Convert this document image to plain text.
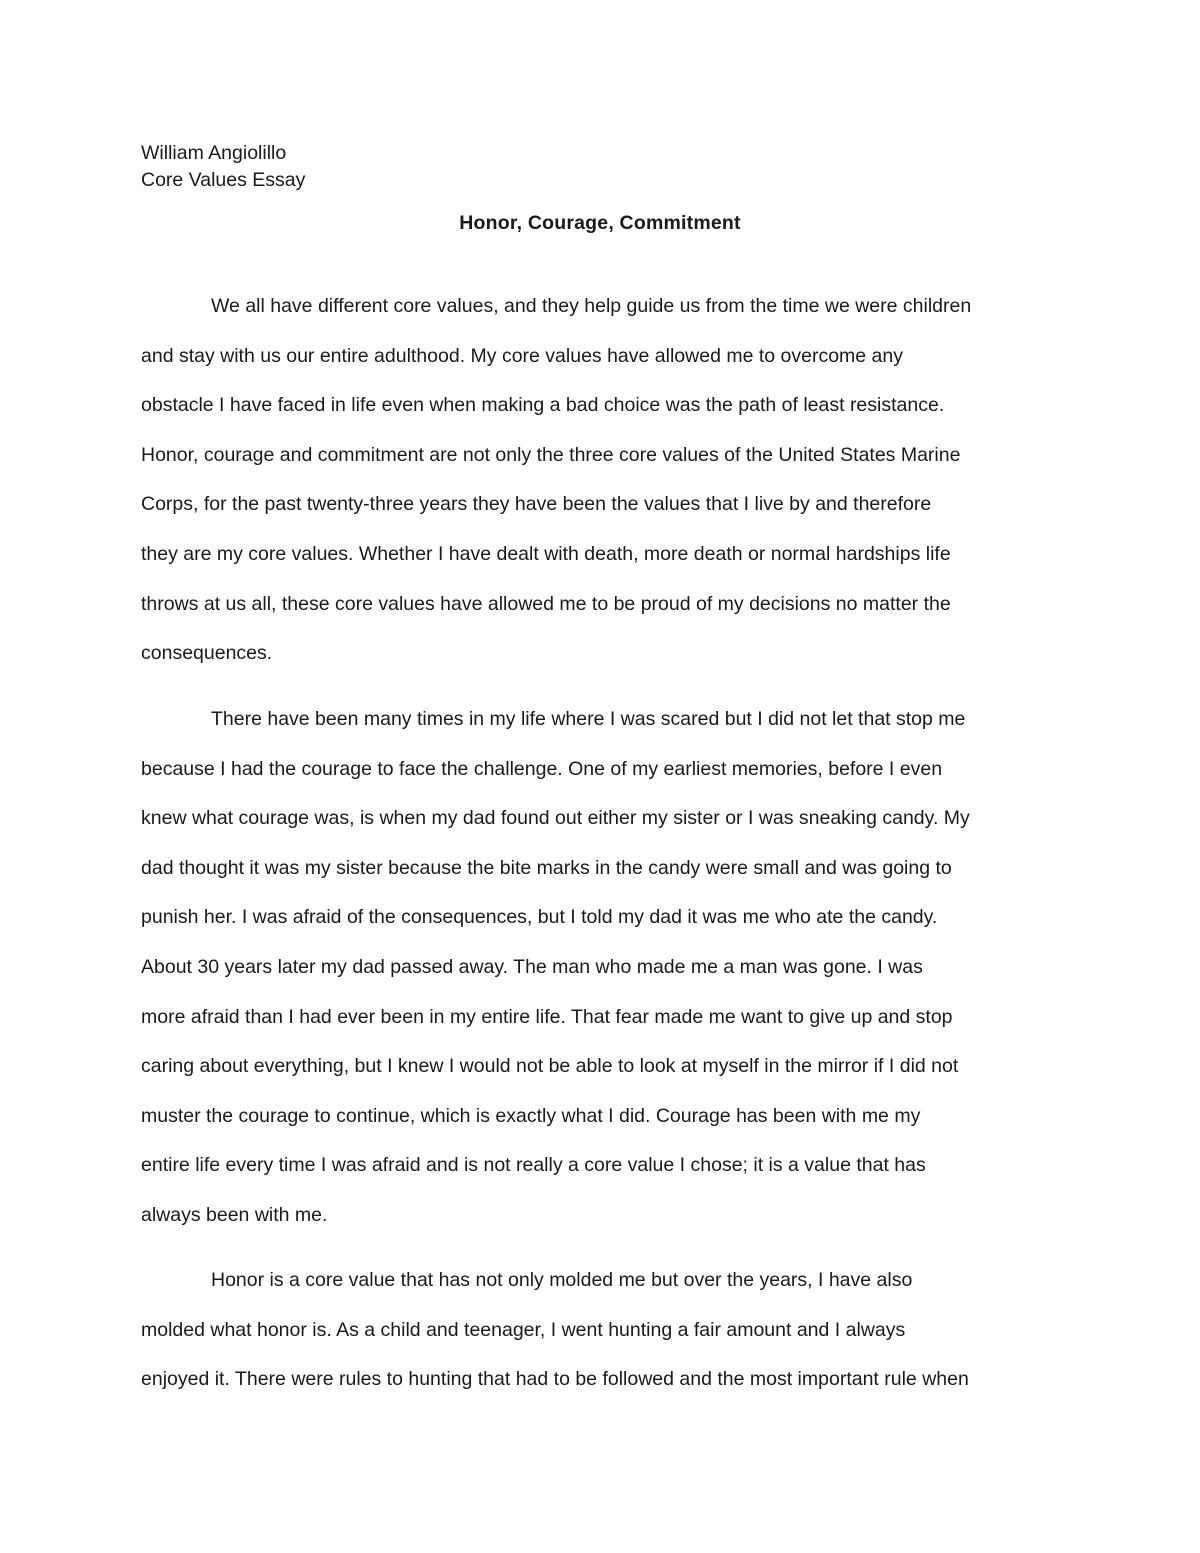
William Angiolillo
Core Values Essay
Honor, Courage, Commitment
We all have different core values, and they help guide us from the time we were children
and stay with us our entire adulthood. My core values have allowed me to overcome any
obstacle I have faced in life even when making a bad choice was the path of least resistance.
Honor, courage and commitment are not only the three core values of the United States Marine
Corps, for the past twenty-three years they have been the values that I live by and therefore
they are my core values. Whether I have dealt with death, more death or normal hardships life
throws at us all, these core values have allowed me to be proud of my decisions no matter the
consequences.
There have been many times in my life where I was scared but I did not let that stop me
because I had the courage to face the challenge. One of my earliest memories, before I even
knew what courage was, is when my dad found out either my sister or I was sneaking candy. My
dad thought it was my sister because the bite marks in the candy were small and was going to
punish her. I was afraid of the consequences, but I told my dad it was me who ate the candy.
About 30 years later my dad passed away. The man who made me a man was gone. I was
more afraid than I had ever been in my entire life. That fear made me want to give up and stop
caring about everything, but I knew I would not be able to look at myself in the mirror if I did not
muster the courage to continue, which is exactly what I did. Courage has been with me my
entire life every time I was afraid and is not really a core value I chose; it is a value that has
always been with me.
Honor is a core value that has not only molded me but over the years, I have also
molded what honor is. As a child and teenager, I went hunting a fair amount and I always
enjoyed it. There were rules to hunting that had to be followed and the most important rule when
